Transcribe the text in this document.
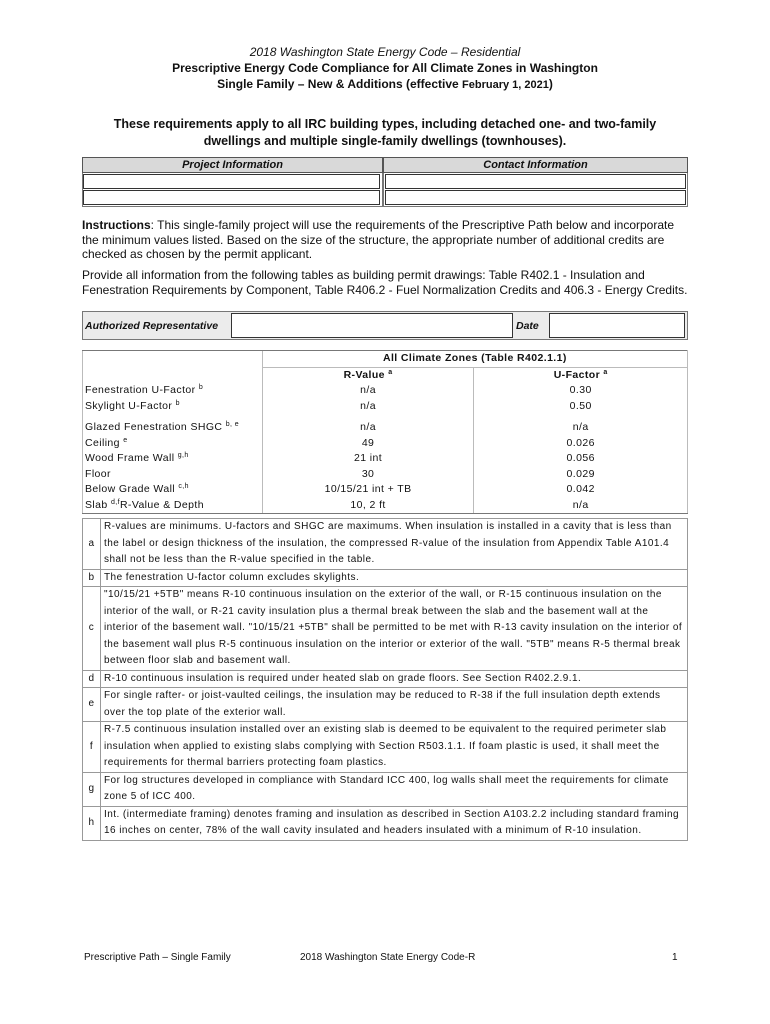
2018 Washington State Energy Code – Residential
Prescriptive Energy Code Compliance for All Climate Zones in Washington
Single Family – New & Additions (effective February 1, 2021)
These requirements apply to all IRC building types, including detached one- and two-family
dwellings and multiple single-family dwellings (townhouses).
Project Information	Contact Information
Instructions: This single-family project will use the requirements of the Prescriptive Path below and incorporate the minimum values listed. Based on the size of the structure, the appropriate number of additional credits are checked as chosen by the permit applicant.
Provide all information from the following tables as building permit drawings: Table R402.1 - Insulation and Fenestration Requirements by Component, Table R406.2 - Fuel Normalization Credits and 406.3 - Energy Credits.
Authorized Representative	Date
	All Climate Zones (Table R402.1.1)	
	R-Value $^a$	U-Factor $^a$
Fenestration U-Factor $^b$	n/a	0.30
Skylight U-Factor $^b$	n/a	0.50

Glazed Fenestration SHGC $^{b, e}$	n/a	n/a
Ceiling $^e$	49	0.026
Wood Frame Wall $^{g,h}$	21 int	0.056
Floor	30	0.029
Below Grade Wall $^{c,h}$	10/15/21 int + TB	0.042
Slab $^{d,f}$R-Value & Depth	10, 2 ft	n/a
a	R-values are minimums. U-factors and SHGC are maximums. When insulation is installed in a cavity that is less than the label or design thickness of the insulation, the compressed R-value of the insulation from Appendix Table A101.4 shall not be less than the R-value specified in the table.
b	The fenestration U-factor column excludes skylights.
c	"10/15/21 +5TB" means R-10 continuous insulation on the exterior of the wall, or R-15 continuous insulation on the interior of the wall, or R-21 cavity insulation plus a thermal break between the slab and the basement wall at the interior of the basement wall. "10/15/21 +5TB" shall be permitted to be met with R-13 cavity insulation on the interior of the basement wall plus R-5 continuous insulation on the interior or exterior of the wall. "5TB" means R-5 thermal break between floor slab and basement wall.
d	R-10 continuous insulation is required under heated slab on grade floors. See Section R402.2.9.1.
e	For single rafter- or joist-vaulted ceilings, the insulation may be reduced to R-38 if the full insulation depth extends over the top plate of the exterior wall.
f	R-7.5 continuous insulation installed over an existing slab is deemed to be equivalent to the required perimeter slab insulation when applied to existing slabs complying with Section R503.1.1. If foam plastic is used, it shall meet the requirements for thermal barriers protecting foam plastics.
g	For log structures developed in compliance with Standard ICC 400, log walls shall meet the requirements for climate zone 5 of ICC 400.
h	Int. (intermediate framing) denotes framing and insulation as described in Section A103.2.2 including standard framing 16 inches on center, 78% of the wall cavity insulated and headers insulated with a minimum of R-10 insulation.
Prescriptive Path – Single Family	2018 Washington State Energy Code-R	1
